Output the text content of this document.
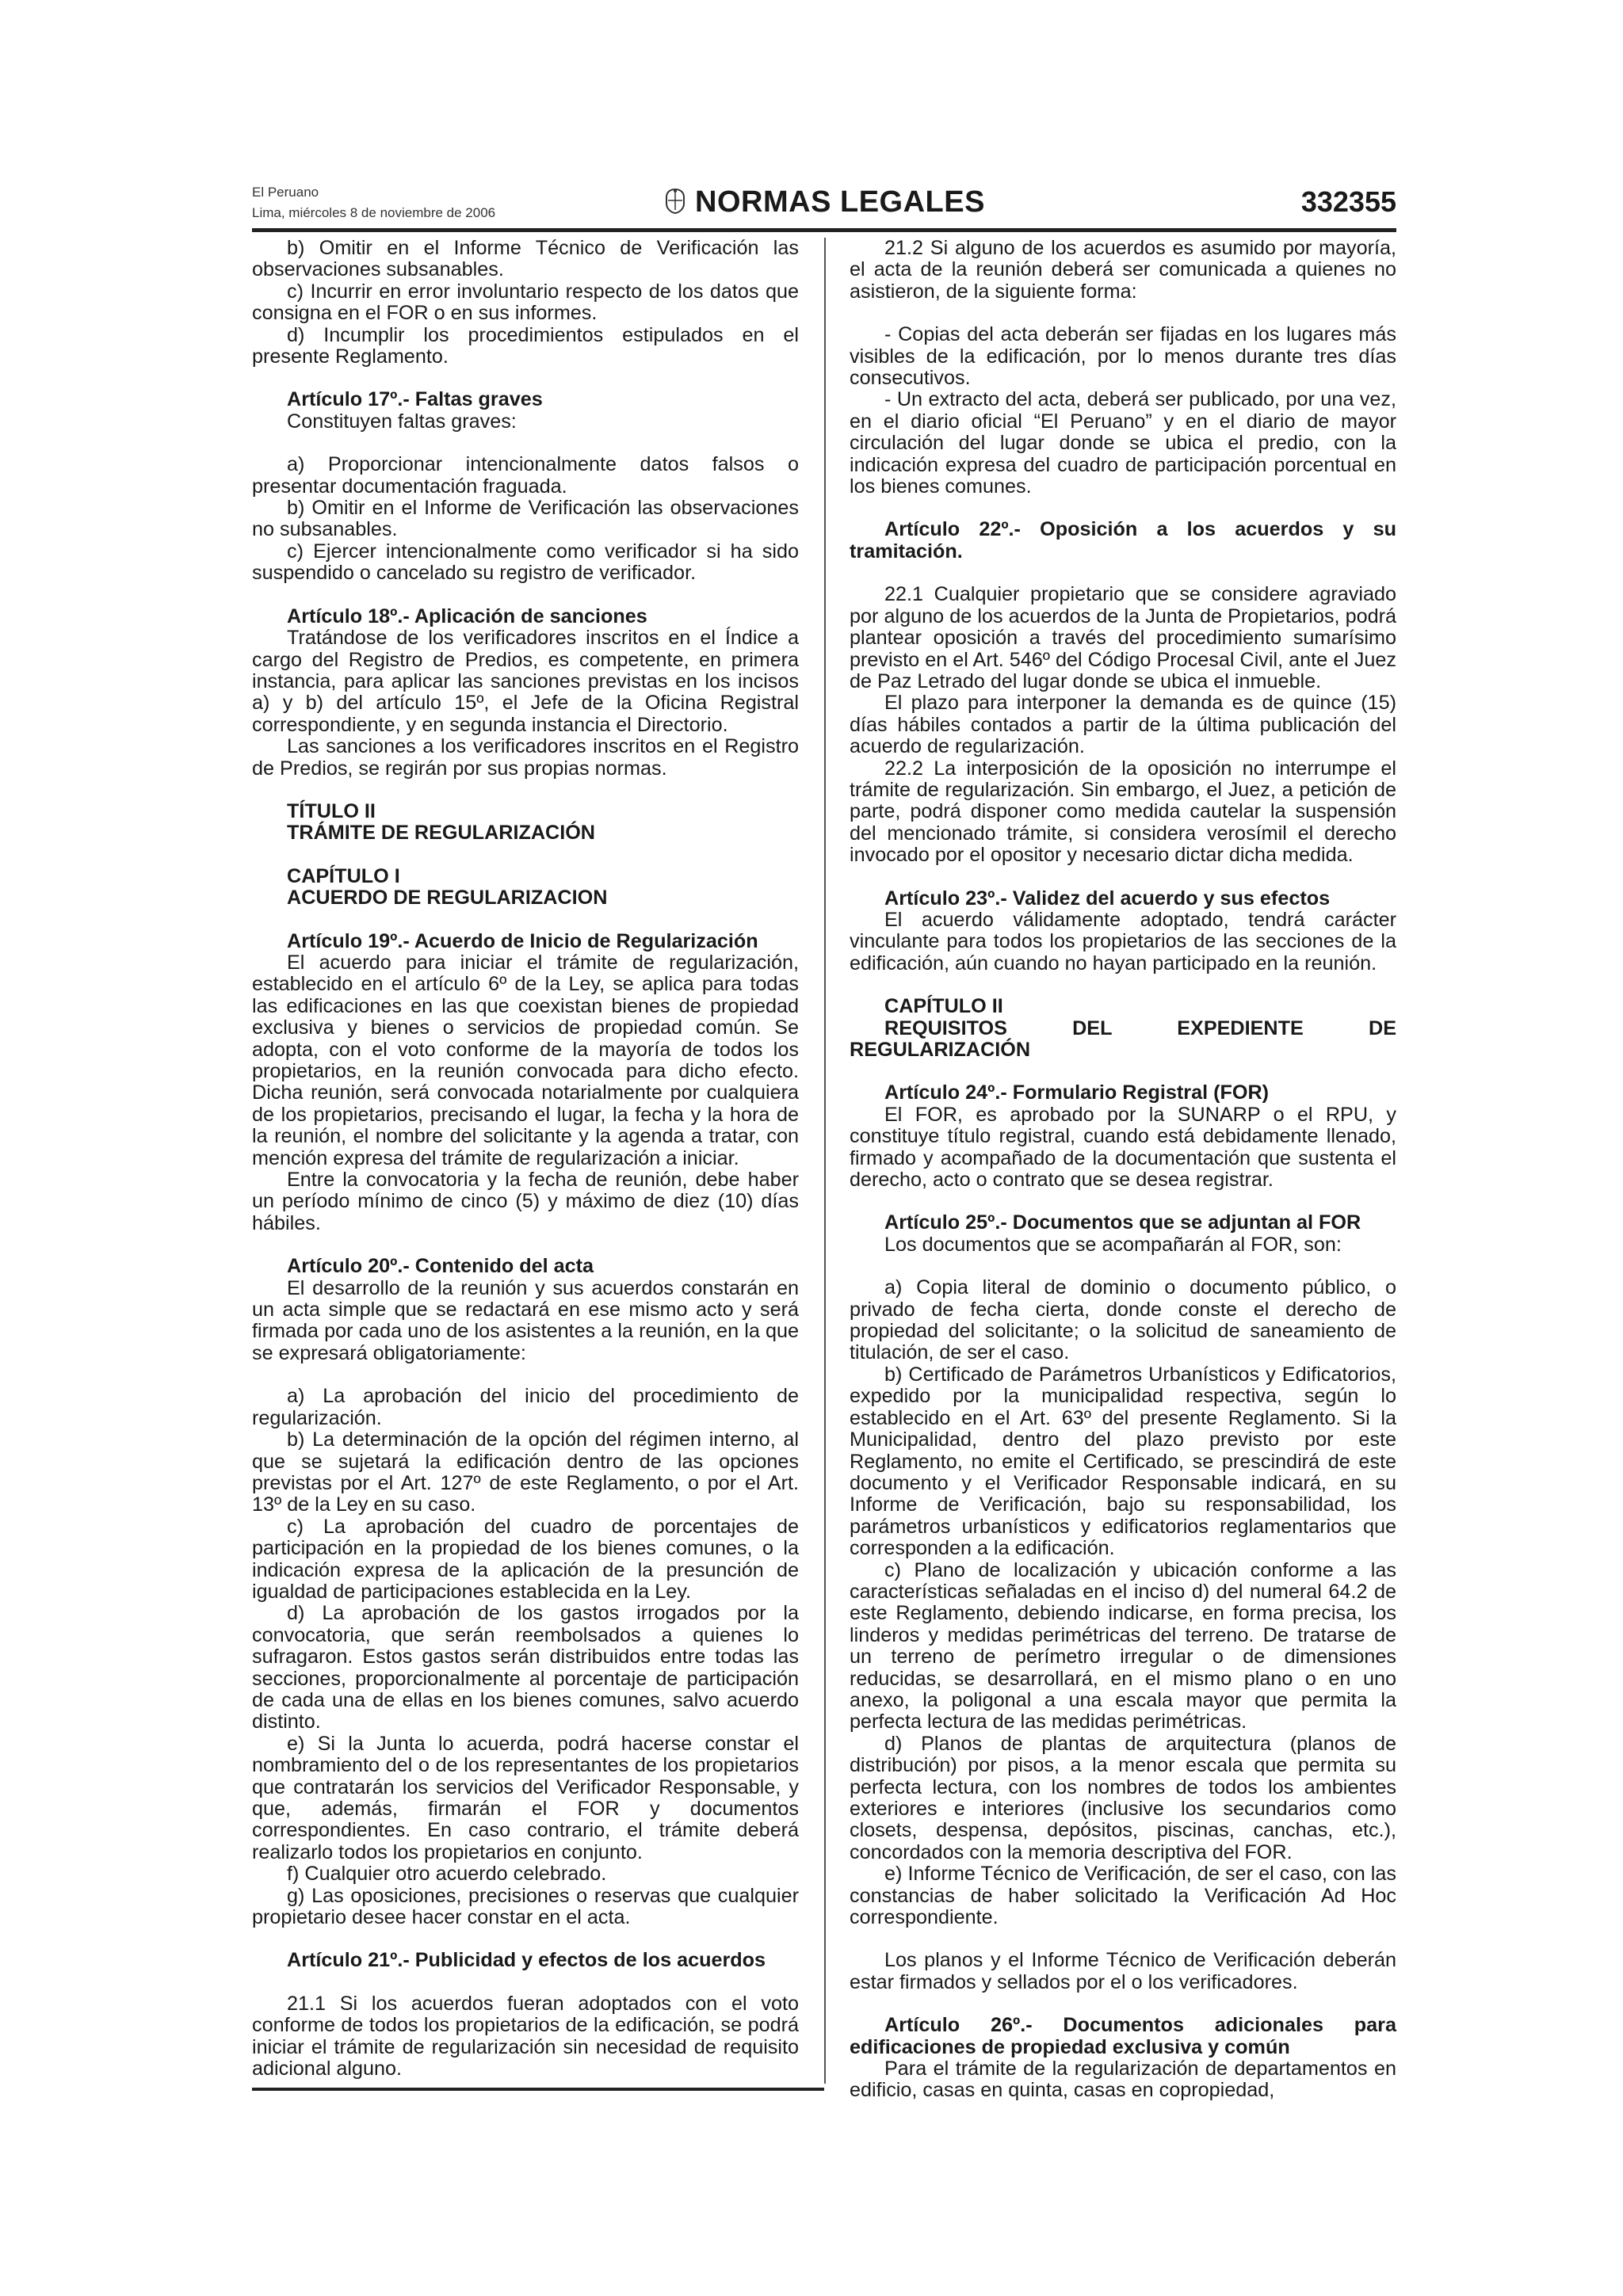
El Peruano
Lima, miércoles 8 de noviembre de 2006	NORMAS LEGALES	332355

b) Omitir en el Informe Técnico de Verificación las observaciones subsanables.

c) Incurrir en error involuntario respecto de los datos que consigna en el FOR o en sus informes.

d) Incumplir los procedimientos estipulados en el presente Reglamento.

Artículo 17º.- Faltas graves

Constituyen faltas graves:

a) Proporcionar intencionalmente datos falsos o presentar documentación fraguada.

b) Omitir en el Informe de Verificación las observaciones no subsanables.

c) Ejercer intencionalmente como verificador si ha sido suspendido o cancelado su registro de verificador.

Artículo 18º.- Aplicación de sanciones

Tratándose de los verificadores inscritos en el Índice a cargo del Registro de Predios, es competente, en primera instancia, para aplicar las sanciones previstas en los incisos a) y b) del artículo 15º, el Jefe de la Oficina Registral correspondiente, y en segunda instancia el Directorio.

Las sanciones a los verificadores inscritos en el Registro de Predios, se regirán por sus propias normas.

TÍTULO II

TRÁMITE DE REGULARIZACIÓN

CAPÍTULO I

ACUERDO DE REGULARIZACION

Artículo 19º.- Acuerdo de Inicio de Regularización

El acuerdo para iniciar el trámite de regularización, establecido en el artículo 6º de la Ley, se aplica para todas las edificaciones en las que coexistan bienes de propiedad exclusiva y bienes o servicios de propiedad común. Se adopta, con el voto conforme de la mayoría de todos los propietarios, en la reunión convocada para dicho efecto. Dicha reunión, será convocada notarialmente por cualquiera de los propietarios, precisando el lugar, la fecha y la hora de la reunión, el nombre del solicitante y la agenda a tratar, con mención expresa del trámite de regularización a iniciar.

Entre la convocatoria y la fecha de reunión, debe haber un período mínimo de cinco (5) y máximo de diez (10) días hábiles.

Artículo 20º.- Contenido del acta

El desarrollo de la reunión y sus acuerdos constarán en un acta simple que se redactará en ese mismo acto y será firmada por cada uno de los asistentes a la reunión, en la que se expresará obligatoriamente:

a) La aprobación del inicio del procedimiento de regularización.

b) La determinación de la opción del régimen interno, al que se sujetará la edificación dentro de las opciones previstas por el Art. 127º de este Reglamento, o por el Art. 13º de la Ley en su caso.

c) La aprobación del cuadro de porcentajes de participación en la propiedad de los bienes comunes, o la indicación expresa de la aplicación de la presunción de igualdad de participaciones establecida en la Ley.

d) La aprobación de los gastos irrogados por la convocatoria, que serán reembolsados a quienes lo sufragaron. Estos gastos serán distribuidos entre todas las secciones, proporcionalmente al porcentaje de participación de cada una de ellas en los bienes comunes, salvo acuerdo distinto.

e) Si la Junta lo acuerda, podrá hacerse constar el nombramiento del o de los representantes de los propietarios que contratarán los servicios del Verificador Responsable, y que, además, firmarán el FOR y documentos correspondientes. En caso contrario, el trámite deberá realizarlo todos los propietarios en conjunto.

f) Cualquier otro acuerdo celebrado.

g) Las oposiciones, precisiones o reservas que cualquier propietario desee hacer constar en el acta.

Artículo 21º.- Publicidad y efectos de los acuerdos

21.1 Si los acuerdos fueran adoptados con el voto conforme de todos los propietarios de la edificación, se podrá iniciar el trámite de regularización sin necesidad de requisito adicional alguno.

21.2 Si alguno de los acuerdos es asumido por mayoría, el acta de la reunión deberá ser comunicada a quienes no asistieron, de la siguiente forma:

- Copias del acta deberán ser fijadas en los lugares más visibles de la edificación, por lo menos durante tres días consecutivos.

- Un extracto del acta, deberá ser publicado, por una vez, en el diario oficial “El Peruano” y en el diario de mayor circulación del lugar donde se ubica el predio, con la indicación expresa del cuadro de participación porcentual en los bienes comunes.

Artículo 22º.- Oposición a los acuerdos y su tramitación.

22.1 Cualquier propietario que se considere agraviado por alguno de los acuerdos de la Junta de Propietarios, podrá plantear oposición a través del procedimiento sumarísimo previsto en el Art. 546º del Código Procesal Civil, ante el Juez de Paz Letrado del lugar donde se ubica el inmueble.

El plazo para interponer la demanda es de quince (15) días hábiles contados a partir de la última publicación del acuerdo de regularización.

22.2 La interposición de la oposición no interrumpe el trámite de regularización. Sin embargo, el Juez, a petición de parte, podrá disponer como medida cautelar la suspensión del mencionado trámite, si considera verosímil el derecho invocado por el opositor y necesario dictar dicha medida.

Artículo 23º.- Validez del acuerdo y sus efectos

El acuerdo válidamente adoptado, tendrá carácter vinculante para todos los propietarios de las secciones de la edificación, aún cuando no hayan participado en la reunión.

CAPÍTULO II

REQUISITOS DEL EXPEDIENTE DE REGULARIZACIÓN

Artículo 24º.- Formulario Registral (FOR)

El FOR, es aprobado por la SUNARP o el RPU, y constituye título registral, cuando está debidamente llenado, firmado y acompañado de la documentación que sustenta el derecho, acto o contrato que se desea registrar.

Artículo 25º.- Documentos que se adjuntan al FOR

Los documentos que se acompañarán al FOR, son:

a) Copia literal de dominio o documento público, o privado de fecha cierta, donde conste el derecho de propiedad del solicitante; o la solicitud de saneamiento de titulación, de ser el caso.

b) Certificado de Parámetros Urbanísticos y Edificatorios, expedido por la municipalidad respectiva, según lo establecido en el Art. 63º del presente Reglamento. Si la Municipalidad, dentro del plazo previsto por este Reglamento, no emite el Certificado, se prescindirá de este documento y el Verificador Responsable indicará, en su Informe de Verificación, bajo su responsabilidad, los parámetros urbanísticos y edificatorios reglamentarios que corresponden a la edificación.

c) Plano de localización y ubicación conforme a las características señaladas en el inciso d) del numeral 64.2 de este Reglamento, debiendo indicarse, en forma precisa, los linderos y medidas perimétricas del terreno. De tratarse de un terreno de perímetro irregular o de dimensiones reducidas, se desarrollará, en el mismo plano o en uno anexo, la poligonal a una escala mayor que permita la perfecta lectura de las medidas perimétricas.

d) Planos de plantas de arquitectura (planos de distribución) por pisos, a la menor escala que permita su perfecta lectura, con los nombres de todos los ambientes exteriores e interiores (inclusive los secundarios como closets, despensa, depósitos, piscinas, canchas, etc.), concordados con la memoria descriptiva del FOR.

e) Informe Técnico de Verificación, de ser el caso, con las constancias de haber solicitado la Verificación Ad Hoc correspondiente.

Los planos y el Informe Técnico de Verificación deberán estar firmados y sellados por el o los verificadores.

Artículo 26º.- Documentos adicionales para edificaciones de propiedad exclusiva y común

Para el trámite de la regularización de departamentos en edificio, casas en quinta, casas en copropiedad,
